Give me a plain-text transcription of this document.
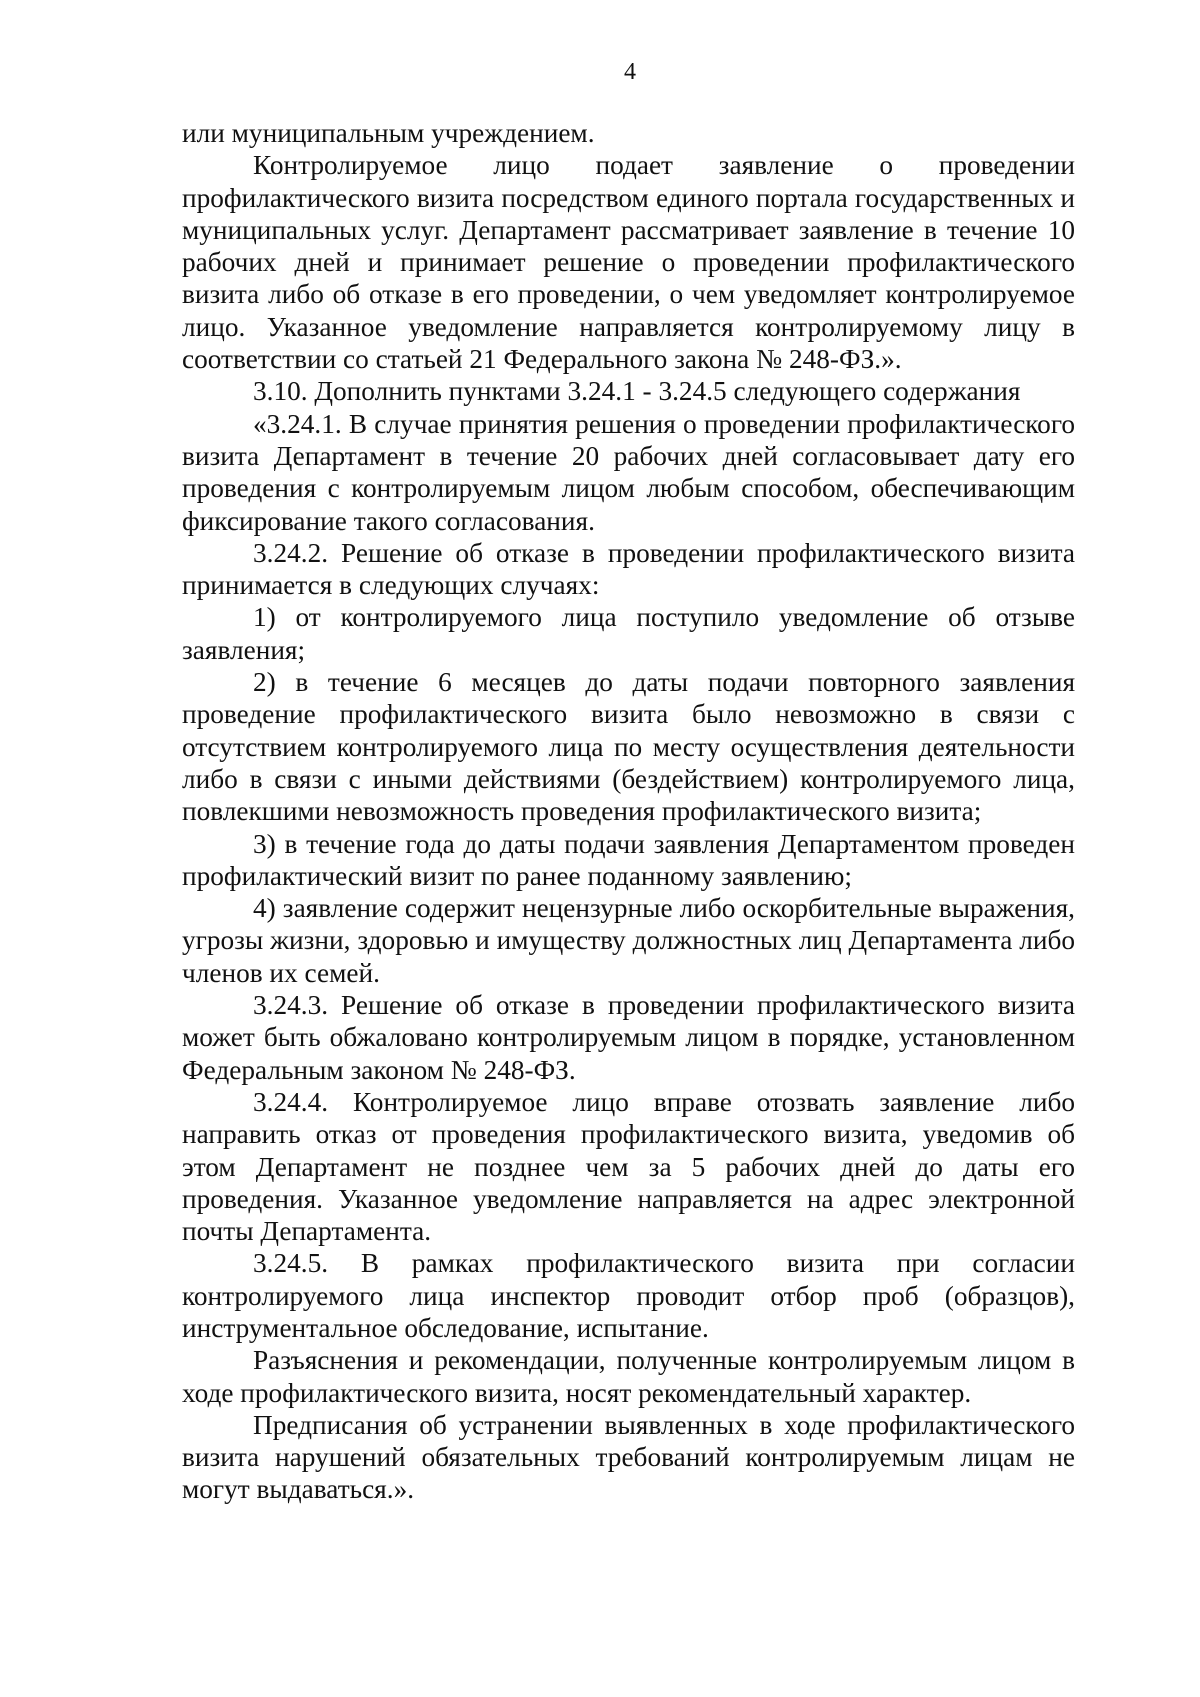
4

или муниципальным учреждением.

Контролируемое лицо подает заявление о проведении профилактического визита посредством единого портала государственных и муниципальных услуг. Департамент рассматривает заявление в течение 10 рабочих дней и принимает решение о проведении профилактического визита либо об отказе в его проведении, о чем уведомляет контролируемое лицо. Указанное уведомление направляется контролируемому лицу в соответствии со статьей 21 Федерального закона № 248-ФЗ.».

3.10. Дополнить пунктами 3.24.1 - 3.24.5 следующего содержания

«3.24.1. В случае принятия решения о проведении профилактического визита Департамент в течение 20 рабочих дней согласовывает дату его проведения с контролируемым лицом любым способом, обеспечивающим фиксирование такого согласования.

3.24.2. Решение об отказе в проведении профилактического визита принимается в следующих случаях:

1) от контролируемого лица поступило уведомление об отзыве заявления;

2) в течение 6 месяцев до даты подачи повторного заявления проведение профилактического визита было невозможно в связи с отсутствием контролируемого лица по месту осуществления деятельности либо в связи с иными действиями (бездействием) контролируемого лица, повлекшими невозможность проведения профилактического визита;

3) в течение года до даты подачи заявления Департаментом проведен профилактический визит по ранее поданному заявлению;

4) заявление содержит нецензурные либо оскорбительные выражения, угрозы жизни, здоровью и имуществу должностных лиц Департамента либо членов их семей.

3.24.3. Решение об отказе в проведении профилактического визита может быть обжаловано контролируемым лицом в порядке, установленном Федеральным законом № 248-ФЗ.

3.24.4. Контролируемое лицо вправе отозвать заявление либо направить отказ от проведения профилактического визита, уведомив об этом Департамент не позднее чем за 5 рабочих дней до даты его проведения. Указанное уведомление направляется на адрес электронной почты Департамента.

3.24.5. В рамках профилактического визита при согласии контролируемого лица инспектор проводит отбор проб (образцов), инструментальное обследование, испытание.

Разъяснения и рекомендации, полученные контролируемым лицом в ходе профилактического визита, носят рекомендательный характер.

Предписания об устранении выявленных в ходе профилактического визита нарушений обязательных требований контролируемым лицам не могут выдаваться.».
